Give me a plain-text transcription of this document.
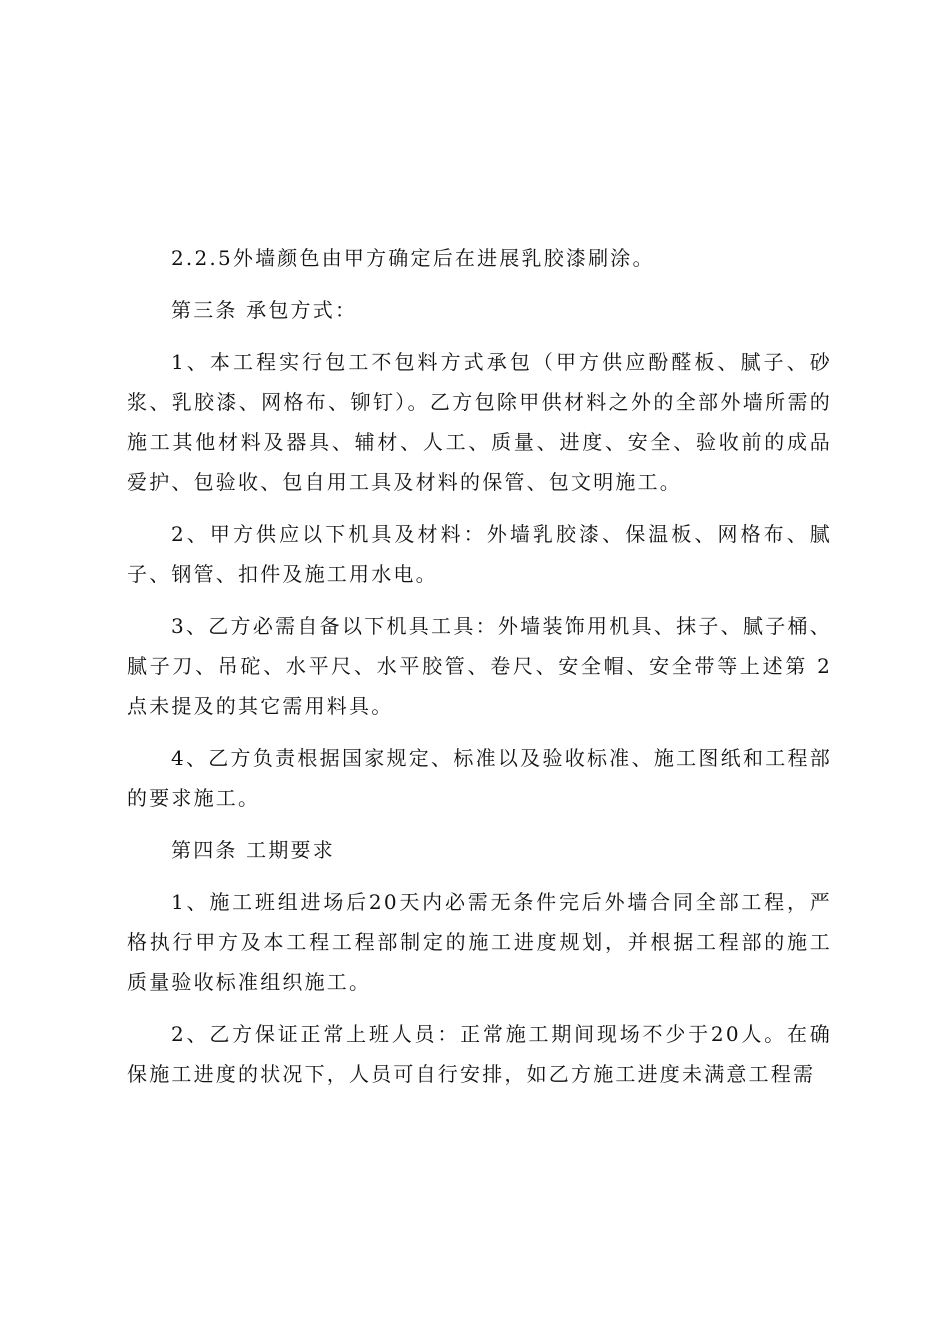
2.2.5外墙颜色由甲方确定后在进展乳胶漆刷涂。

第三条 承包方式：

1、本工程实行包工不包料方式承包（甲方供应酚醛板、腻子、砂浆、乳胶漆、网格布、铆钉）。乙方包除甲供材料之外的全部外墙所需的施工其他材料及器具、辅材、人工、质量、进度、安全、验收前的成品爱护、包验收、包自用工具及材料的保管、包文明施工。

2、甲方供应以下机具及材料：外墙乳胶漆、保温板、网格布、腻子、钢管、扣件及施工用水电。

3、乙方必需自备以下机具工具：外墙装饰用机具、抹子、腻子桶、腻子刀、吊砣、水平尺、水平胶管、卷尺、安全帽、安全带等上述第 2点未提及的其它需用料具。

4、乙方负责根据国家规定、标准以及验收标准、施工图纸和工程部的要求施工。

第四条 工期要求

1、施工班组进场后20天内必需无条件完后外墙合同全部工程，严格执行甲方及本工程工程部制定的施工进度规划，并根据工程部的施工质量验收标准组织施工。

2、乙方保证正常上班人员：正常施工期间现场不少于20人。在确保施工进度的状况下，人员可自行安排，如乙方施工进度未满意工程需
